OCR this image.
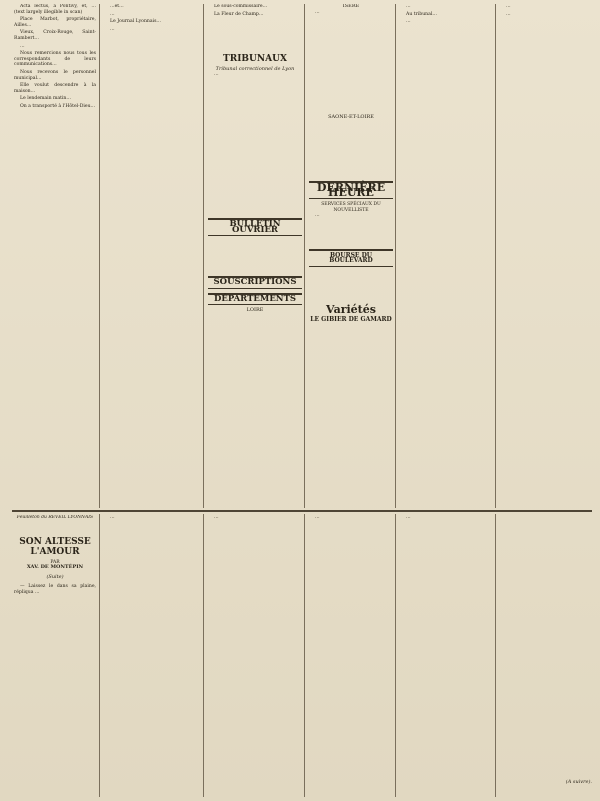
Acta lectus, à Pontivy, et, … (text largely illegible in scan)

Place Marbot, propriétaire, Ailles…

Vieux, Croix-Rouge, Saint-Rambert…

…

Nous remercions nous tous les correspondants de leurs communications…

Nous recevons le personnel municipal…

Elle voulut descendre à la maison…

Le lendemain matin…

On a transporté à l'Hôtel-Dieu…

…et…

…

Le Journal Lyonnais…

…

Le sous-commissaire…

La Fleur de Champ…

TRIBUNAUX
Tribunal correctionnel de Lyon

…

BULLETIN OUVRIER
SOUSCRIPTIONS
DÉPARTEMENTS
LOIRE
ISÈRE

…

SAONE-ET-LOIRE
DERNIÈRE HEURE
SERVICES SPÉCIAUX DU NOUVELLISTE

…

BOURSE DU BOULEVARD
Variétés
LE GIBIER DE GAMARD

…

Au tribunal…

…

…

…

Feuilleton du RÉVEIL LYONNAIS
SON ALTESSE L'AMOUR
PAR
XAV. DE MONTÉPIN
(Suite)

— Laissez le dans sa plaine, répliqua …

…	…	…	…

(A suivre).
